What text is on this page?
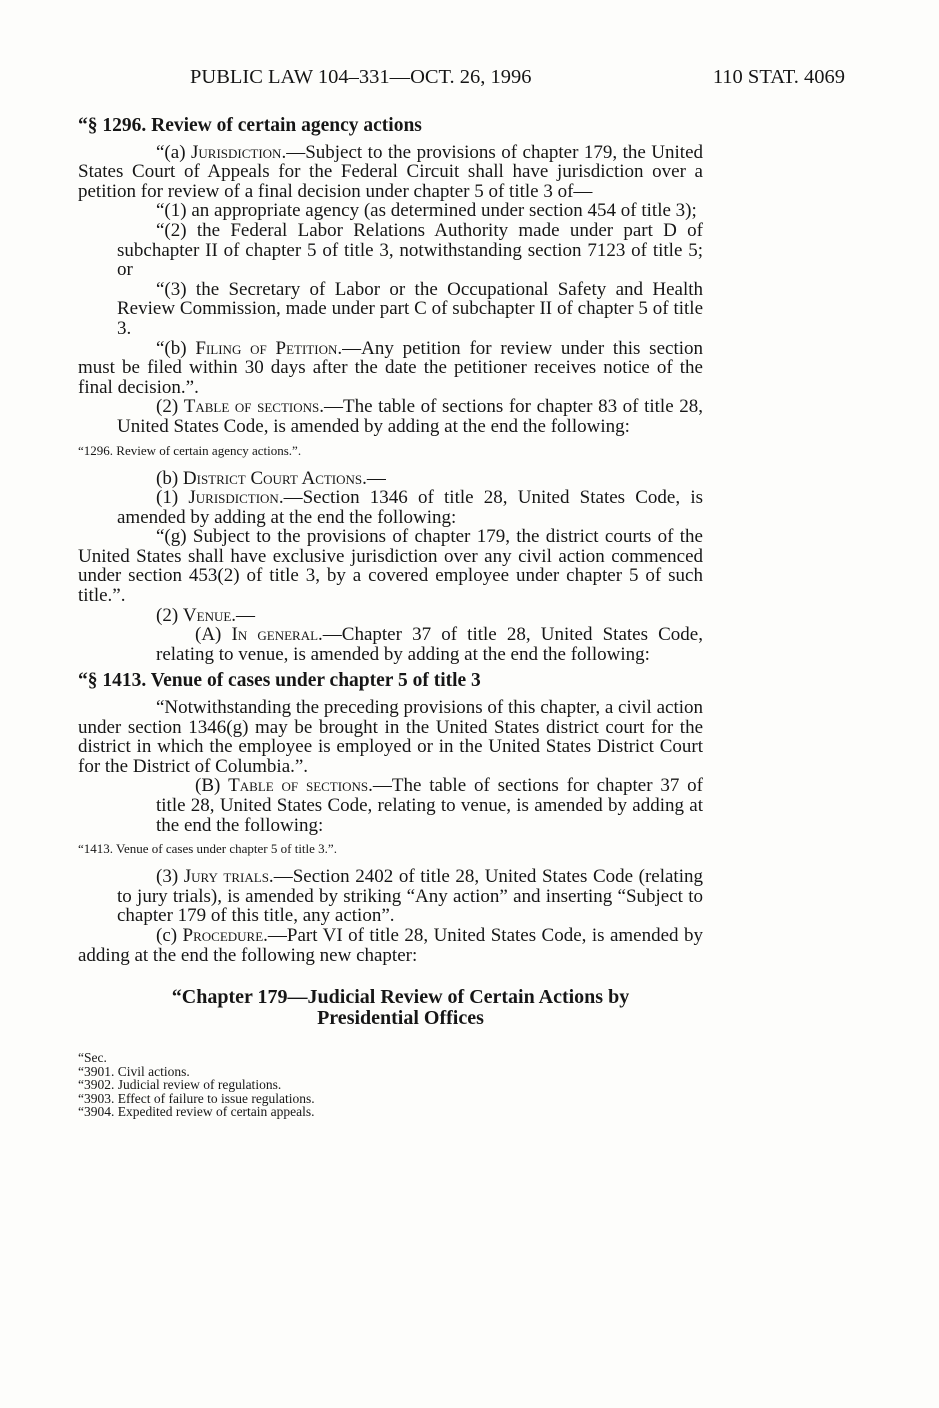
PUBLIC LAW 104–331—OCT. 26, 1996	110 STAT. 4069

“§ 1296. Review of certain agency actions

“(a) Jurisdiction.—Subject to the provisions of chapter 179, the United States Court of Appeals for the Federal Circuit shall have jurisdiction over a petition for review of a final decision under chapter 5 of title 3 of—

“(1) an appropriate agency (as determined under section 454 of title 3);

“(2) the Federal Labor Relations Authority made under part D of subchapter II of chapter 5 of title 3, notwithstanding section 7123 of title 5; or

“(3) the Secretary of Labor or the Occupational Safety and Health Review Commission, made under part C of subchapter II of chapter 5 of title 3.

“(b) Filing of Petition.—Any petition for review under this section must be filed within 30 days after the date the petitioner receives notice of the final decision.”.

(2) Table of sections.—The table of sections for chapter 83 of title 28, United States Code, is amended by adding at the end the following:

“1296. Review of certain agency actions.”.

(b) District Court Actions.—

(1) Jurisdiction.—Section 1346 of title 28, United States Code, is amended by adding at the end the following:

“(g) Subject to the provisions of chapter 179, the district courts of the United States shall have exclusive jurisdiction over any civil action commenced under section 453(2) of title 3, by a covered employee under chapter 5 of such title.”.

(2) Venue.—

(A) In general.—Chapter 37 of title 28, United States Code, relating to venue, is amended by adding at the end the following:

“§ 1413. Venue of cases under chapter 5 of title 3

“Notwithstanding the preceding provisions of this chapter, a civil action under section 1346(g) may be brought in the United States district court for the district in which the employee is employed or in the United States District Court for the District of Columbia.”.

(B) Table of sections.—The table of sections for chapter 37 of title 28, United States Code, relating to venue, is amended by adding at the end the following:

“1413. Venue of cases under chapter 5 of title 3.”.

(3) Jury trials.—Section 2402 of title 28, United States Code (relating to jury trials), is amended by striking “Any action” and inserting “Subject to chapter 179 of this title, any action”.

(c) Procedure.—Part VI of title 28, United States Code, is amended by adding at the end the following new chapter:

“Chapter 179—Judicial Review of Certain Actions by
Presidential Offices

“Sec.
“3901. Civil actions.
“3902. Judicial review of regulations.
“3903. Effect of failure to issue regulations.
“3904. Expedited review of certain appeals.
